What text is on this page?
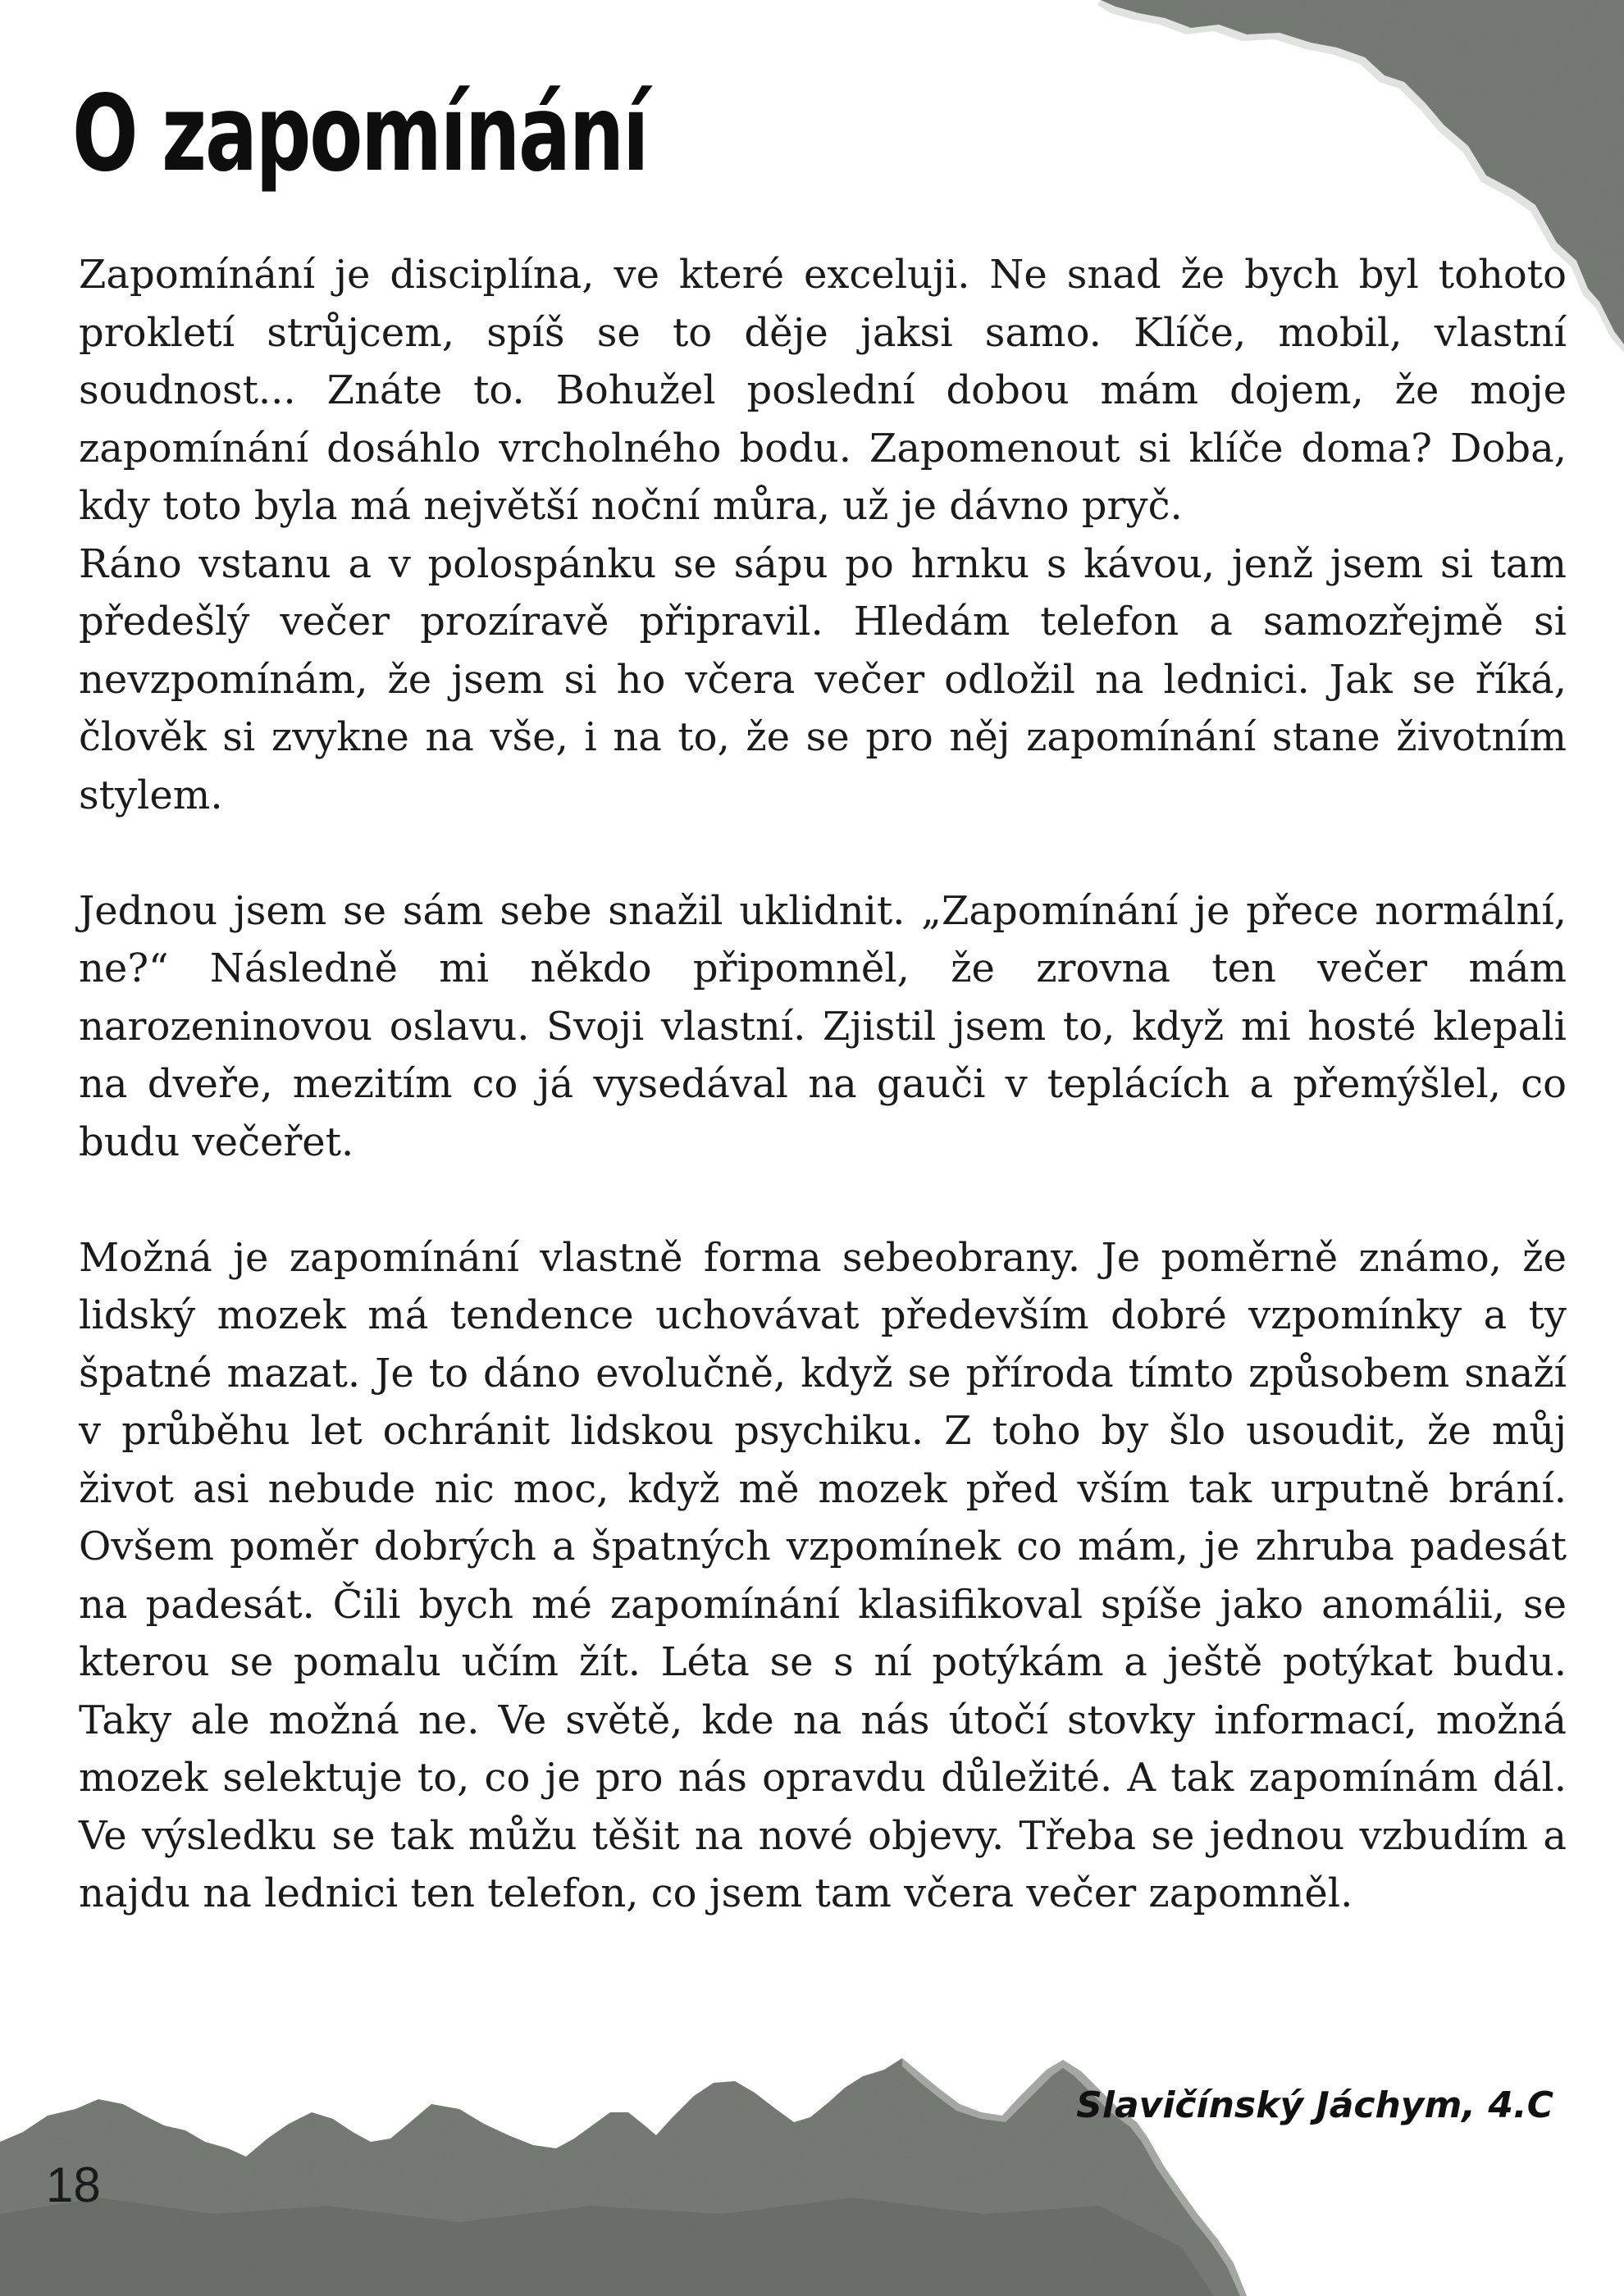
O zapomínání

Zapomínání je disciplína, ve které exceluji. Ne snad že bych byl tohoto prokletí strůjcem, spíš se to děje jaksi samo. Klíče, mobil, vlastní soudnost... Znáte to. Bohužel poslední dobou mám dojem, že moje zapomínání dosáhlo vrcholného bodu. Zapomenout si klíče doma? Doba, kdy toto byla má největší noční můra, už je dávno pryč.

Ráno vstanu a v polospánku se sápu po hrnku s kávou, jenž jsem si tam předešlý večer prozíravě připravil. Hledám telefon a samozřejmě si nevzpomínám, že jsem si ho včera večer odložil na lednici. Jak se říká, člověk si zvykne na vše, i na to, že se pro něj zapomínání stane životním stylem.

Jednou jsem se sám sebe snažil uklidnit. „Zapomínání je přece normální, ne?“ Následně mi někdo připomněl, že zrovna ten večer mám narozeninovou oslavu. Svoji vlastní. Zjistil jsem to, když mi hosté klepali na dveře, mezitím co já vysedával na gauči v teplácích a přemýšlel, co budu večeřet.

Možná je zapomínání vlastně forma sebeobrany. Je poměrně známo, že lidský mozek má tendence uchovávat především dobré vzpomínky a ty špatné mazat. Je to dáno evolučně, když se příroda tímto způsobem snaží v průběhu let ochránit lidskou psychiku. Z toho by šlo usoudit, že můj život asi nebude nic moc, když mě mozek před vším tak urputně brání. Ovšem poměr dobrých a špatných vzpomínek co mám, je zhruba padesát na padesát. Čili bych mé zapomínání klasifikoval spíše jako anomálii, se kterou se pomalu učím žít. Léta se s ní potýkám a ještě potýkat budu. Taky ale možná ne. Ve světě, kde na nás útočí stovky informací, možná mozek selektuje to, co je pro nás opravdu důležité. A tak zapomínám dál. Ve výsledku se tak můžu těšit na nové objevy. Třeba se jednou vzbudím a najdu na lednici ten telefon, co jsem tam včera večer zapomněl.

Slavičínský Jáchym, 4.C
18
